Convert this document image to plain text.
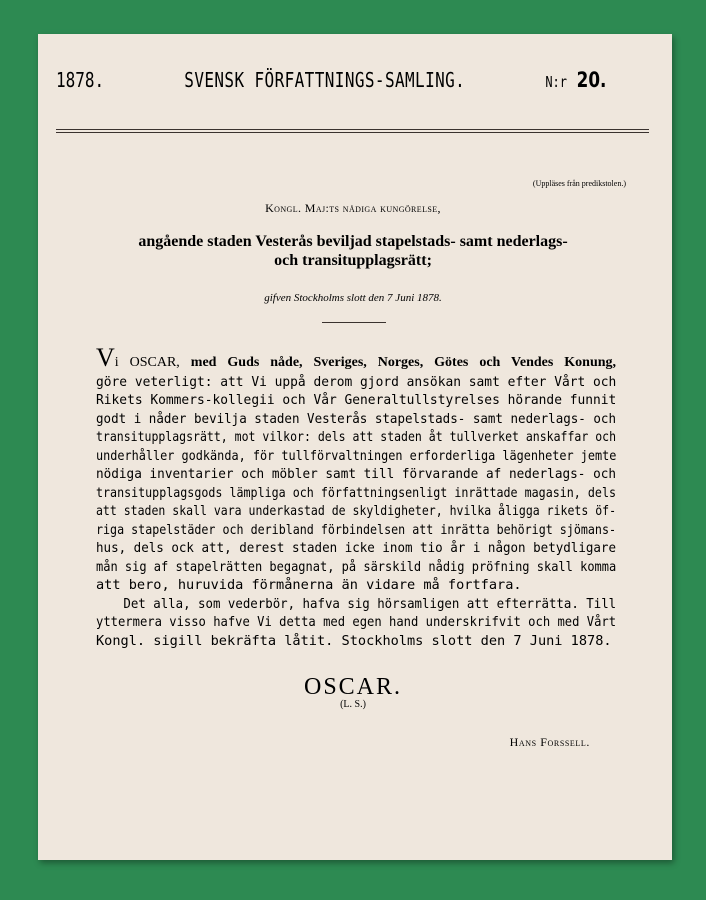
1878.	SVENSK FÖRFATTNINGS-SAMLING.	N:r 20.
(Uppläses från predikstolen.)
Kongl. Maj:ts nådiga kungörelse,
angående staden Vesterås beviljad stapelstads- samt nederlags-
och transitupplagsrätt;
gifven Stockholms slott den 7 Juni 1878.
Vi OSCAR, med Guds nåde, Sveriges, Norges, Götes och Vendes Konung,
göre veterligt: att Vi uppå derom gjord ansökan samt efter Vårt och
Rikets Kommers-kollegii och Vår Generaltullstyrelses hörande funnit
godt i nåder bevilja staden Vesterås stapelstads- samt nederlags- och
transitupplagsrätt, mot vilkor: dels att staden åt tullverket anskaffar och
underhåller godkända, för tullförvaltningen erforderliga lägenheter jemte
nödiga inventarier och möbler samt till förvarande af nederlags- och
transitupplagsgods lämpliga och författningsenligt inrättade magasin, dels
att staden skall vara underkastad de skyldigheter, hvilka åligga rikets öf-
riga stapelstäder och deribland förbindelsen att inrätta behörigt sjömans-
hus, dels ock att, derest staden icke inom tio år i någon betydligare
mån sig af stapelrätten begagnat, på särskild nådig pröfning skall komma
att bero, huruvida förmånerna än vidare må fortfara.
Det alla, som vederbör, hafva sig hörsamligen att efterrätta. Till
yttermera visso hafve Vi detta med egen hand underskrifvit och med Vårt
Kongl. sigill bekräfta låtit. Stockholms slott den 7 Juni 1878.
OSCAR.
(L. S.)
Hans Forssell.
